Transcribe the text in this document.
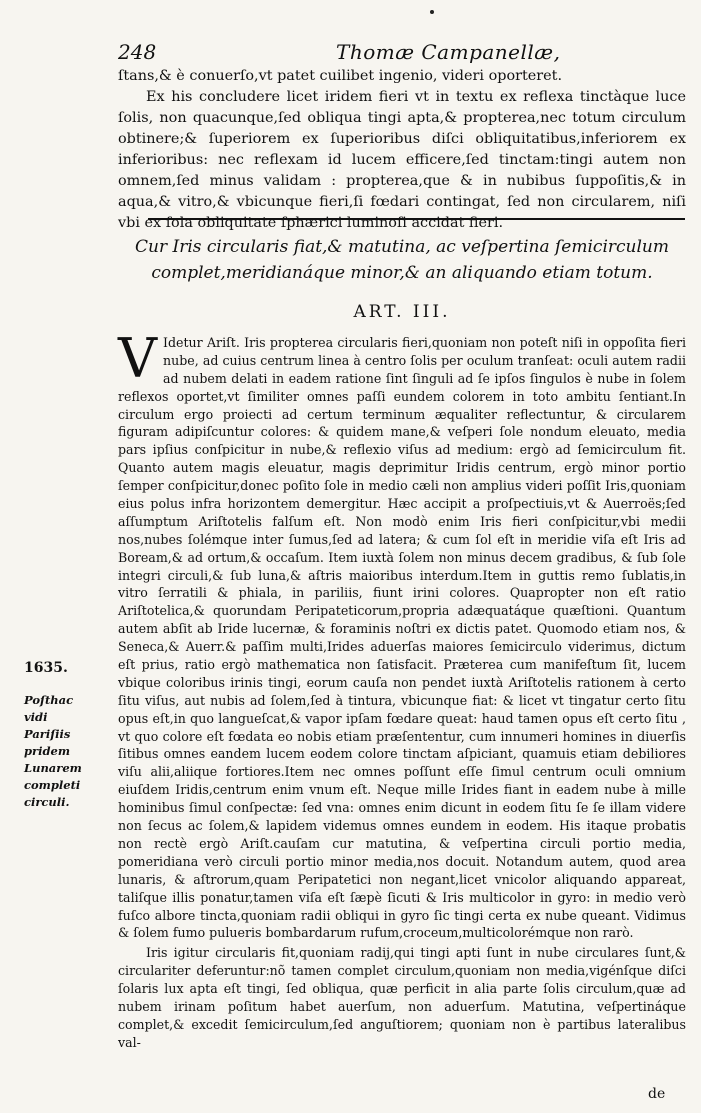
248	Thomæ Campanellæ,

ſtans,& è conuerſo,vt patet cuilibet ingenio, videri oporteret.

Ex his concludere licet iridem fieri vt in textu ex reflexa tinctàque luce ſolis, non quacunque,ſed obliqua tingi apta,& propterea,nec totum circulum obtinere;& ſuperiorem ex ſuperioribus diſci obliquitatibus,inferiorem ex inferioribus: nec reflexam id lucem efficere,ſed tinctam:tingi autem non omnem,ſed minus validam : propterea,que & in nubibus ſuppoſitis,& in aqua,& vitro,& vbicunque fieri,ſi fœdari contingat, ſed non circularem, niſi vbi ex ſola obliquitate ſphærici luminoſi accidat fieri.

Cur Iris circularis fiat,& matutina, ac veſpertina ſemicirculum complet,meridianáque minor,& an aliquando etiam totum.
ART. III.

V Idetur Ariſt. Iris propterea circularis fieri,quoniam non poteſt niſi in oppoſita fieri nube, ad cuius centrum linea à centro ſolis per oculum tranſeat: oculi autem radii ad nubem delati in eadem ratione ſint ſinguli ad ſe ipſos ſingulos è nube in ſolem reflexos oportet,vt ſimiliter omnes paſſi eundem colorem in toto ambitu ſentiant.In circulum ergo proiecti ad certum terminum æqualiter reflectuntur, & circularem figuram adipiſcuntur colores: & quidem mane,& veſperi ſole nondum eleuato, media pars ipſius conſpicitur in nube,& reflexio viſus ad medium: ergò ad ſemicirculum fit. Quanto autem magis eleuatur, magis deprimitur Iridis centrum, ergò minor portio ſemper conſpicitur,donec poſito ſole in medio cæli non amplius videri poſſit Iris,quoniam eius polus infra horizontem demergitur. Hæc accipit a proſpectiuis,vt & Auerroës;ſed aſſumptum Ariſtotelis falſum eſt. Non modò enim Iris fieri conſpicitur,vbi medii nos,nubes ſolémque inter ſumus,ſed ad latera; & cum ſol eſt in meridie viſa eſt Iris ad Boream,& ad ortum,& occaſum. Item iuxtà ſolem non minus decem gradibus, & ſub ſole integri circuli,& ſub luna,& aſtris maioribus interdum.Item in guttis remo ſublatis,in vitro ſerratili & phiala, in pariliis, fiunt irini colores. Quapropter non eſt ratio Ariſtotelica,& quorundam Peripateticorum,propria adæquatáque quæſtioni. Quantum autem abſit ab Iride lucernæ, & foraminis noſtri ex dictis patet. Quomodo etiam nos, & Seneca,& Auerr.& paſſim multi,Irides aduerſas maiores ſemicirculo viderimus, dictum eſt prius, ratio ergò mathematica non ſatisfacit. Præterea cum manifeſtum ſit, lucem vbique coloribus irinis tingi, eorum cauſa non pendet iuxtà Ariſtotelis rationem à certo ſitu viſus, aut nubis ad ſolem,ſed à tintura, vbicunque fiat: & licet vt tingatur certo ſitu opus eſt,in quo langueſcat,& vapor ipſam fœdare queat: haud tamen opus eſt certo ſitu , vt quo colore eſt fœdata eo nobis etiam præſententur, cum innumeri homines in diuerſis ſitibus omnes eandem lucem eodem colore tinctam aſpiciant, quamuis etiam debiliores viſu alii,aliique fortiores.Item nec omnes poſſunt eſſe ſimul centrum oculi omnium eiuſdem Iridis,centrum enim vnum eſt. Neque mille Irides fiant in eadem nube à mille hominibus ſimul conſpectæ: ſed vna: omnes enim dicunt in eodem ſitu ſe ſe illam videre non ſecus ac ſolem,& lapidem videmus omnes eundem in eodem. His itaque probatis non rectè ergò Ariſt.cauſam cur matutina, & veſpertina circuli portio media, pomeridiana verò circuli portio minor media,nos docuit. Notandum autem, quod area lunaris, & aſtrorum,quam Peripatetici non negant,licet vnicolor aliquando appareat, taliſque illis ponatur,tamen viſa eſt ſæpè ſicuti & Iris multicolor in gyro: in medio verò fuſco albore tincta,quoniam radii obliqui in gyro ſic tingi certa ex nube queant. Vidimus & ſolem fumo pulueris bombardarum rufum,croceum,multicolorémque non rarò.

Iris igitur circularis fit,quoniam radij,qui tingi apti ſunt in nube circulares ſunt,& circulariter deferuntur:nõ tamen complet circulum,quoniam non media,vigénſque diſci ſolaris lux apta eſt tingi, ſed obliqua, quæ perficit in alia parte ſolis circulum,quæ ad nubem irinam poſitum habet auerſum, non aduerſum. Matutina, veſpertináque complet,& excedit ſemicirculum,ſed anguſtiorem; quoniam non è partibus lateralibus val-

1635.
Poſthac vidi Pariſiis pridem Lunarem completi circuli.
de
